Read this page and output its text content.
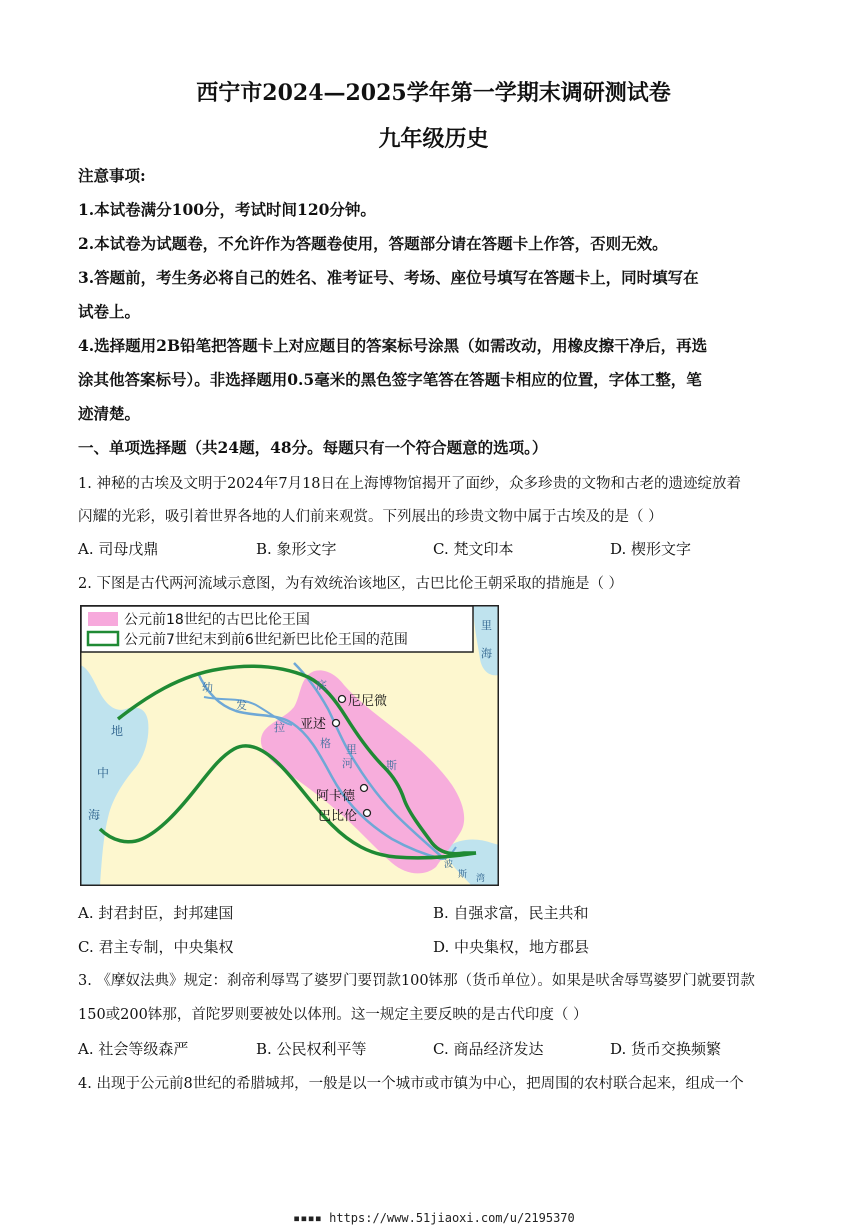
西宁市2024—2025学年第一学期末调研测试卷
九年级历史
注意事项:
1.本试卷满分100分，考试时间120分钟。
2.本试卷为试题卷，不允许作为答题卷使用，答题部分请在答题卡上作答，否则无效。
3.答题前，考生务必将自己的姓名、准考证号、考场、座位号填写在答题卡上，同时填写在
试卷上。
4.选择题用2B铅笔把答题卡上对应题目的答案标号涂黑（如需改动，用橡皮擦干净后，再选
涂其他答案标号）。非选择题用0.5毫米的黑色签字笔答在答题卡相应的位置，字体工整，笔
迹清楚。
一、单项选择题（共24题，48分。每题只有一个符合题意的选项。）
1. 神秘的古埃及文明于2024年7月18日在上海博物馆揭开了面纱，众多珍贵的文物和古老的遗迹绽放着
闪耀的光彩，吸引着世界各地的人们前来观赏。下列展出的珍贵文物中属于古埃及的是（ ）
A. 司母戊鼎	B. 象形文字	C. 梵文印本	D. 楔形文字
2. 下图是古代两河流域示意图，为有效统治该地区，古巴比伦王朝采取的措施是（ ）
公元前18世纪的古巴比伦王国
公元前7世纪末到前6世纪新巴比伦王国的范围
尼尼微
亚述
阿卡德
巴比伦
地
中
海
里
海
幼
发
拉
底
格 里
斯
河
波
斯 湾
A. 封君封臣，封邦建国	B. 自强求富，民主共和
C. 君主专制，中央集权	D. 中央集权，地方郡县
3. 《摩奴法典》规定：刹帝利辱骂了婆罗门要罚款100钵那（货币单位）。如果是吠舍辱骂婆罗门就要罚款
150或200钵那，首陀罗则要被处以体刑。这一规定主要反映的是古代印度（ ）
A. 社会等级森严	B. 公民权利平等	C. 商品经济发达	D. 货币交换频繁
4. 出现于公元前8世纪的希腊城邦，一般是以一个城市或市镇为中心，把周围的农村联合起来，组成一个
▪▪▪▪ https://www.51jiaoxi.com/u/2195370
